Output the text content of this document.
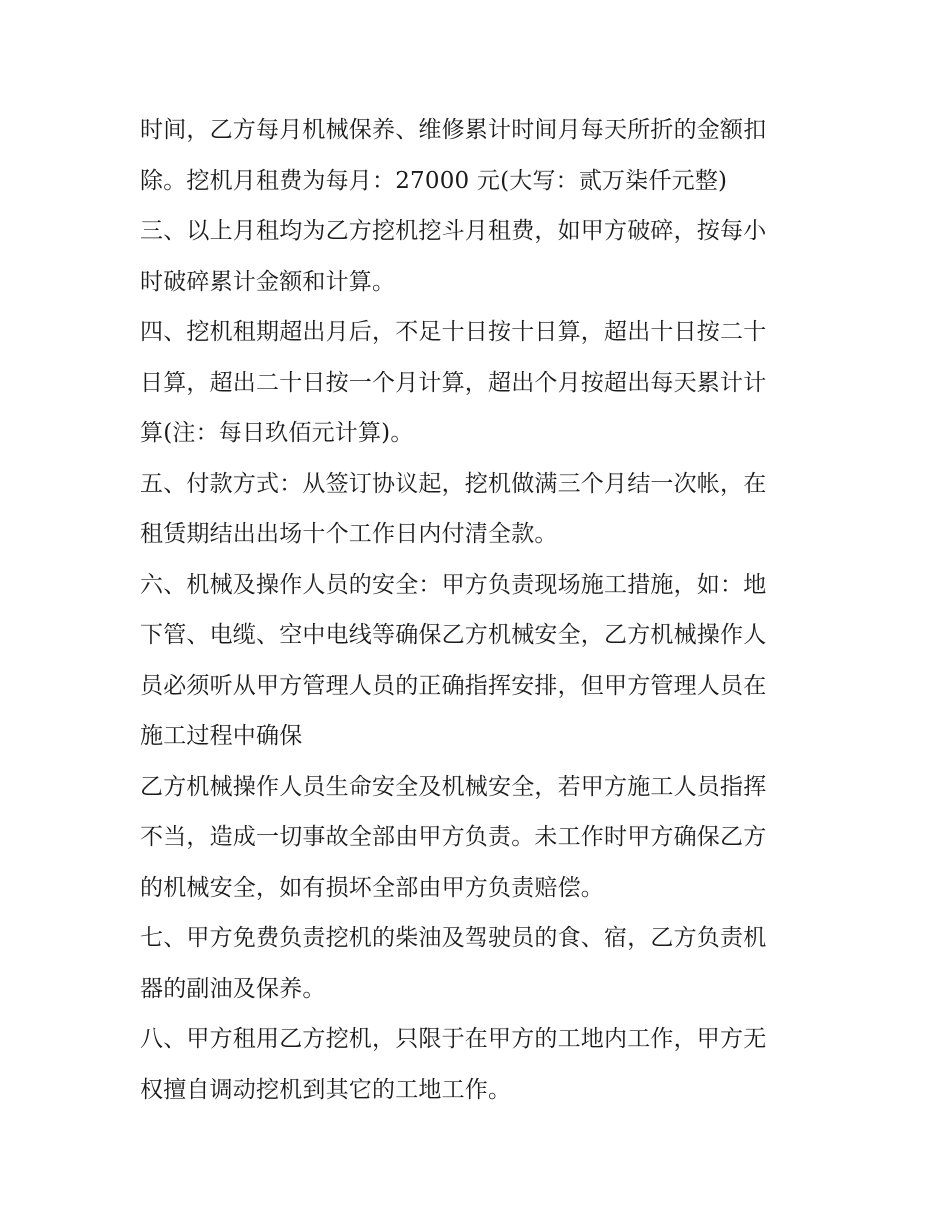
时间，乙方每月机械保养、维修累计时间月每天所折的金额扣
除。挖机月租费为每月：27000 元(大写：贰万柒仟元整)
三、以上月租均为乙方挖机挖斗月租费，如甲方破碎，按每小
时破碎累计金额和计算。
四、挖机租期超出月后，不足十日按十日算，超出十日按二十
日算，超出二十日按一个月计算，超出个月按超出每天累计计
算(注：每日玖佰元计算)。
五、付款方式：从签订协议起，挖机做满三个月结一次帐，在
租赁期结出出场十个工作日内付清全款。
六、机械及操作人员的安全：甲方负责现场施工措施，如：地
下管、电缆、空中电线等确保乙方机械安全，乙方机械操作人
员必须听从甲方管理人员的正确指挥安排，但甲方管理人员在
施工过程中确保
乙方机械操作人员生命安全及机械安全，若甲方施工人员指挥
不当，造成一切事故全部由甲方负责。未工作时甲方确保乙方
的机械安全，如有损坏全部由甲方负责赔偿。
七、甲方免费负责挖机的柴油及驾驶员的食、宿，乙方负责机
器的副油及保养。
八、甲方租用乙方挖机，只限于在甲方的工地内工作，甲方无
权擅自调动挖机到其它的工地工作。
